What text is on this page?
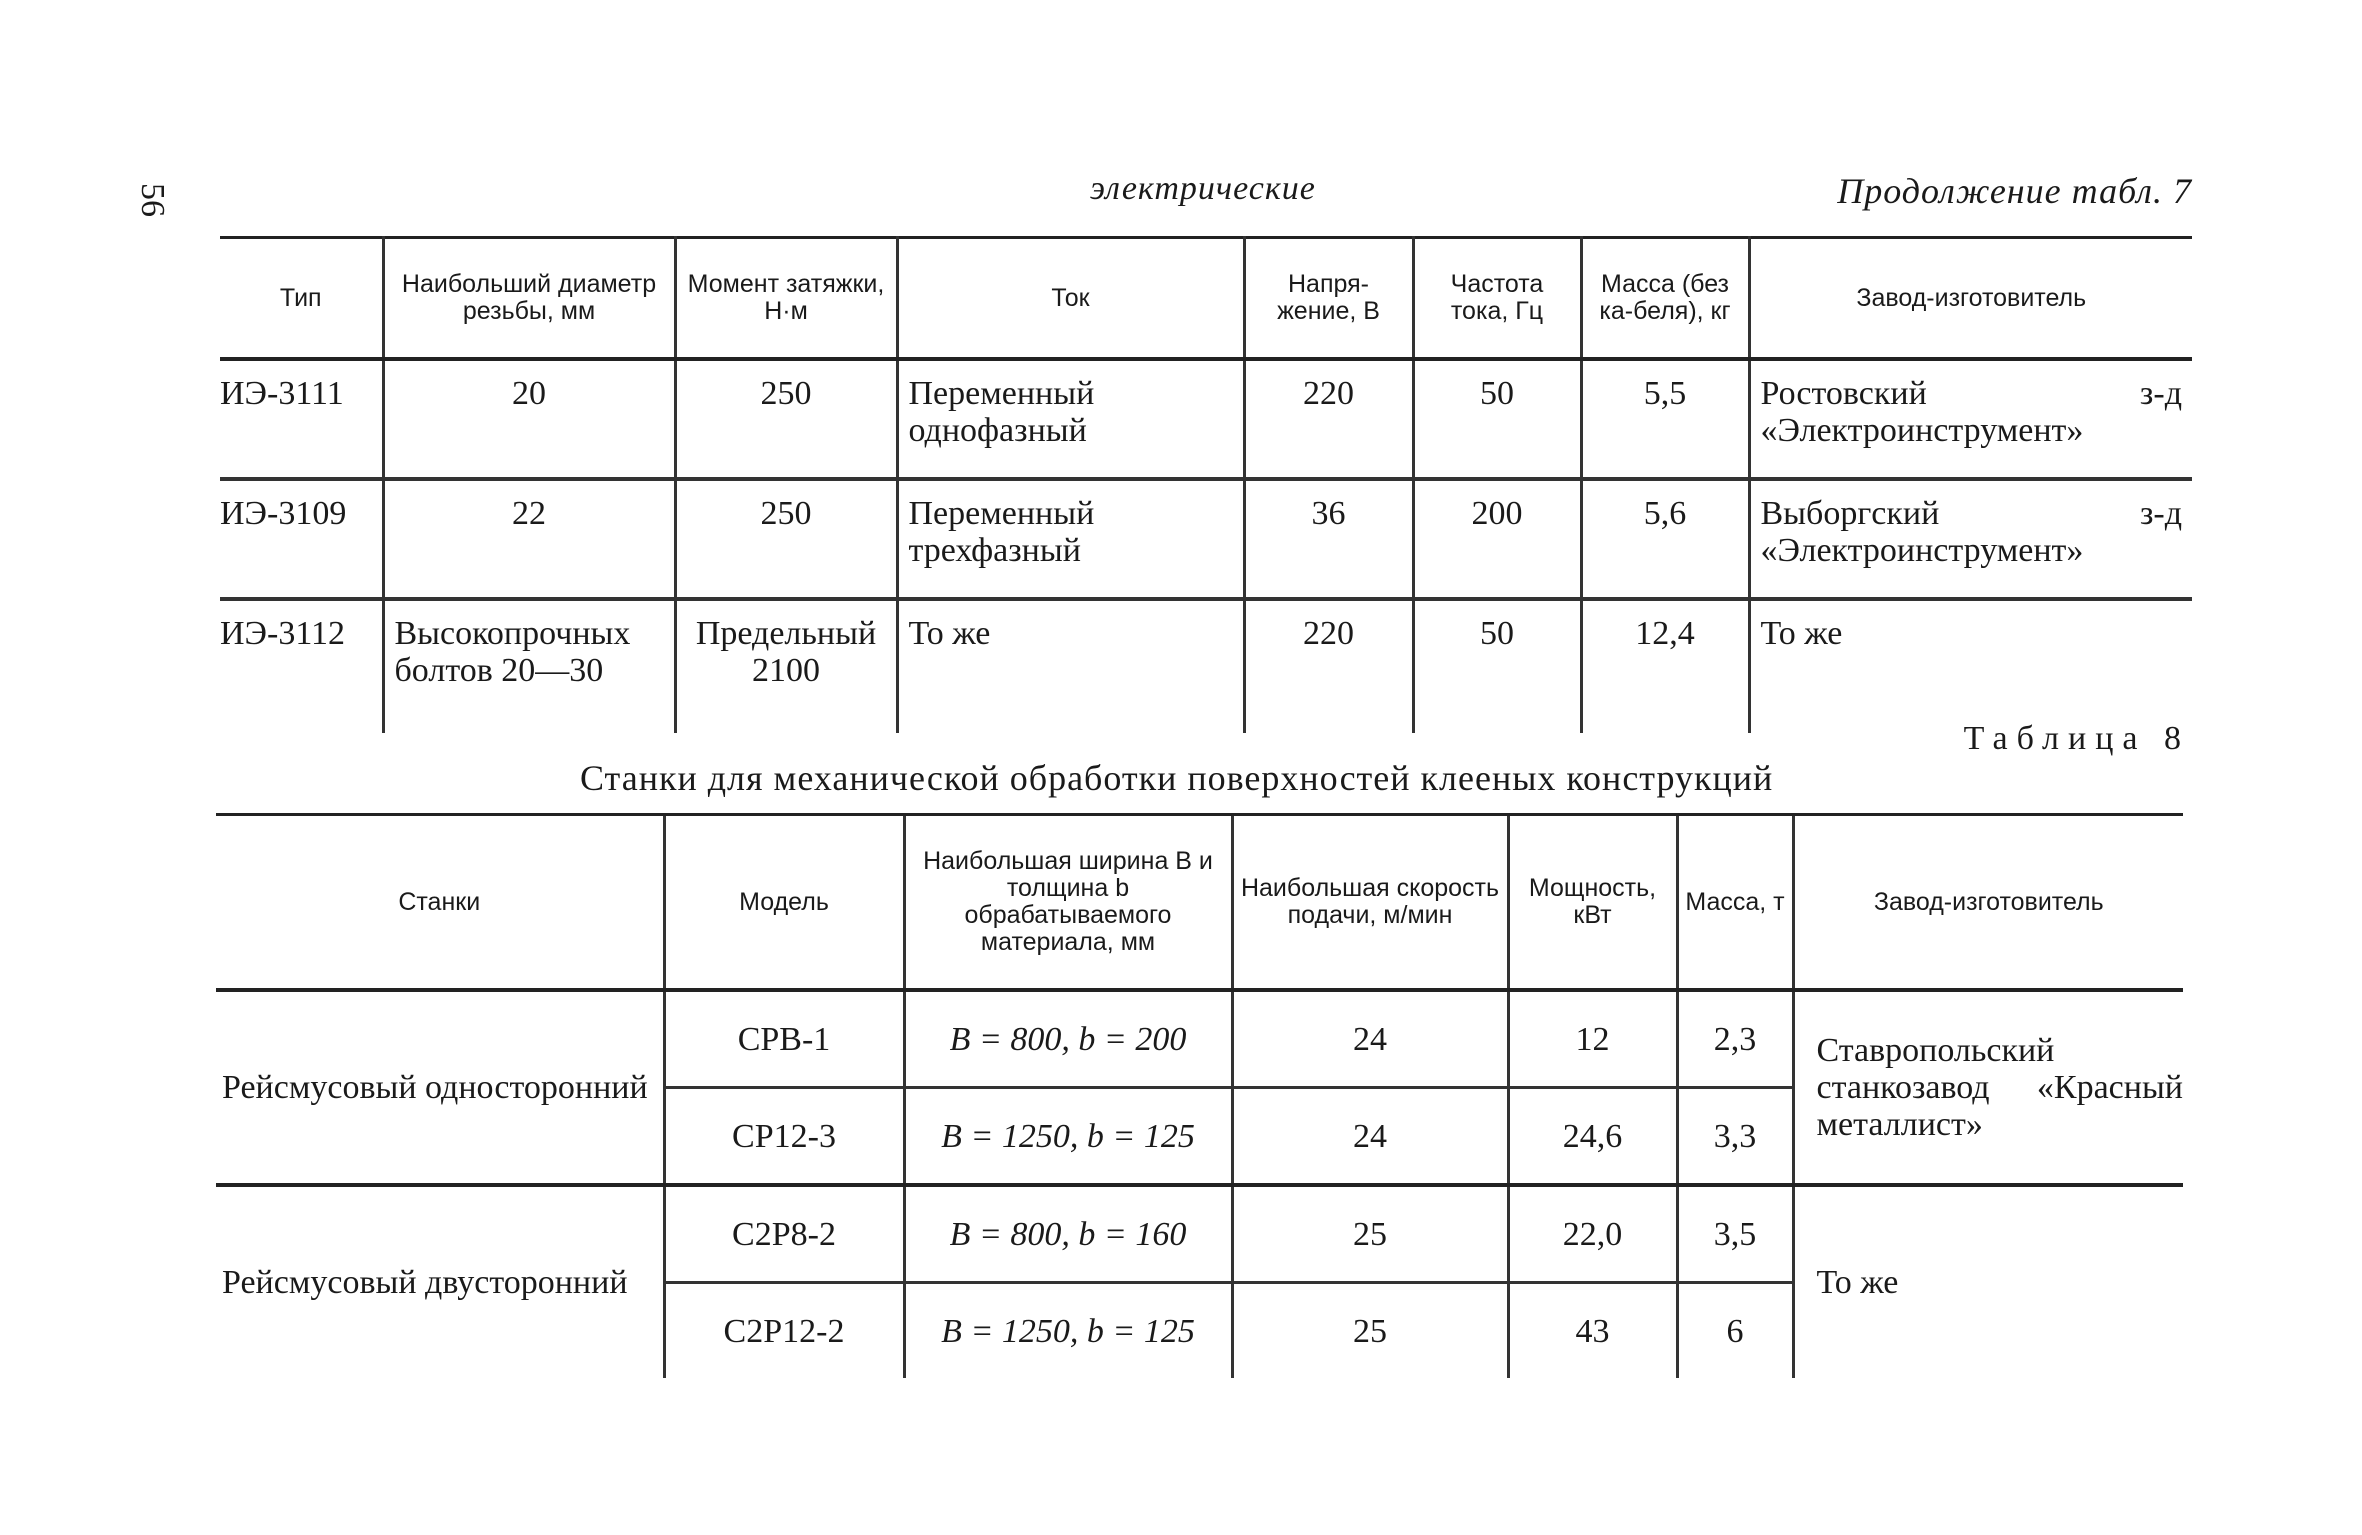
56	электрические	Продолжение табл. 7
Тип	Наибольший диаметр резьбы, мм	Момент затяжки, Н·м	Ток	Напря-жение, В	Частота тока, Гц	Масса (без ка-беля), кг	Завод-изготовитель
ИЭ-3111	20	250	Переменный однофазный	220	50	5,5	Ростовский з-д «Электроинструмент»
ИЭ-3109	22	250	Переменный трехфазный	36	200	5,6	Выборгский з-д «Электроинструмент»
ИЭ-3112	Высокопрочных болтов 20—30	Предельный 2100	То же	220	50	12,4	То же
Таблица 8
Станки для механической обработки поверхностей клееных конструкций
Станки	Модель	Наибольшая ширина B и толщина b обрабатываемого материала, мм	Наибольшая скорость подачи, м/мин	Мощность, кВт	Масса, т	Завод-изготовитель
Рейсмусовый односторонний	СРВ-1	B = 800, b = 200	24	12	2,3	Ставропольский станкозавод «Красный металлист»
	СР12-3	B = 1250, b = 125	24	24,6	3,3	
Рейсмусовый двусторонний	С2Р8-2	B = 800, b = 160	25	22,0	3,5	То же
	С2Р12-2	B = 1250, b = 125	25	43	6	
